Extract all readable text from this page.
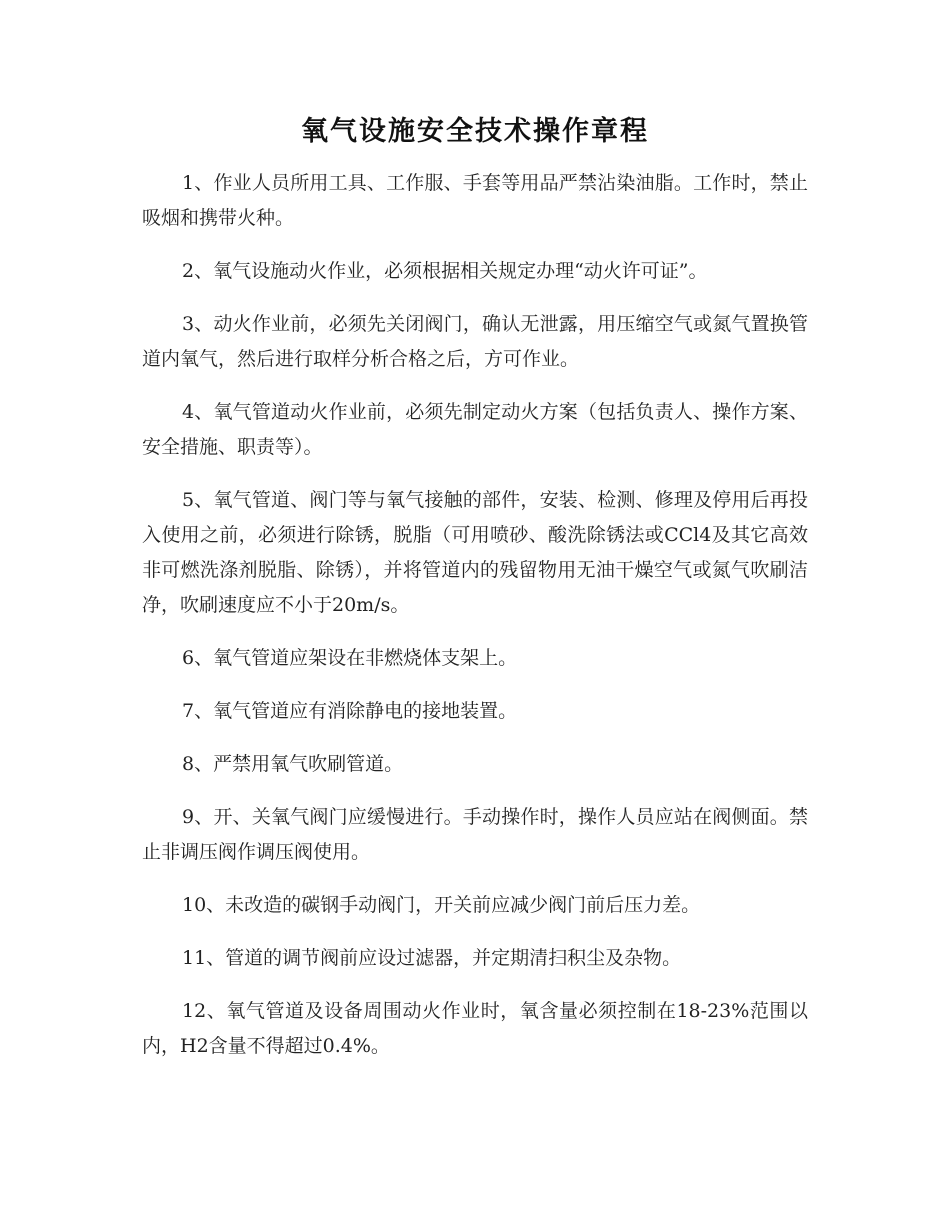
氧气设施安全技术操作章程

1、作业人员所用工具、工作服、手套等用品严禁沾染油脂。工作时，禁止吸烟和携带火种。

2、氧气设施动火作业，必须根据相关规定办理“动火许可证”。

3、动火作业前，必须先关闭阀门，确认无泄露，用压缩空气或氮气置换管道内氧气，然后进行取样分析合格之后，方可作业。

4、氧气管道动火作业前，必须先制定动火方案（包括负责人、操作方案、安全措施、职责等）。

5、氧气管道、阀门等与氧气接触的部件，安装、检测、修理及停用后再投入使用之前，必须进行除锈，脱脂（可用喷砂、酸洗除锈法或CCl4及其它高效非可燃洗涤剂脱脂、除锈），并将管道内的残留物用无油干燥空气或氮气吹刷洁净，吹刷速度应不小于20m/s。

6、氧气管道应架设在非燃烧体支架上。

7、氧气管道应有消除静电的接地装置。

8、严禁用氧气吹刷管道。

9、开、关氧气阀门应缓慢进行。手动操作时，操作人员应站在阀侧面。禁止非调压阀作调压阀使用。

10、未改造的碳钢手动阀门，开关前应减少阀门前后压力差。

11、管道的调节阀前应设过滤器，并定期清扫积尘及杂物。

12、氧气管道及设备周围动火作业时，氧含量必须控制在18-23%范围以内，H2含量不得超过0.4%。
